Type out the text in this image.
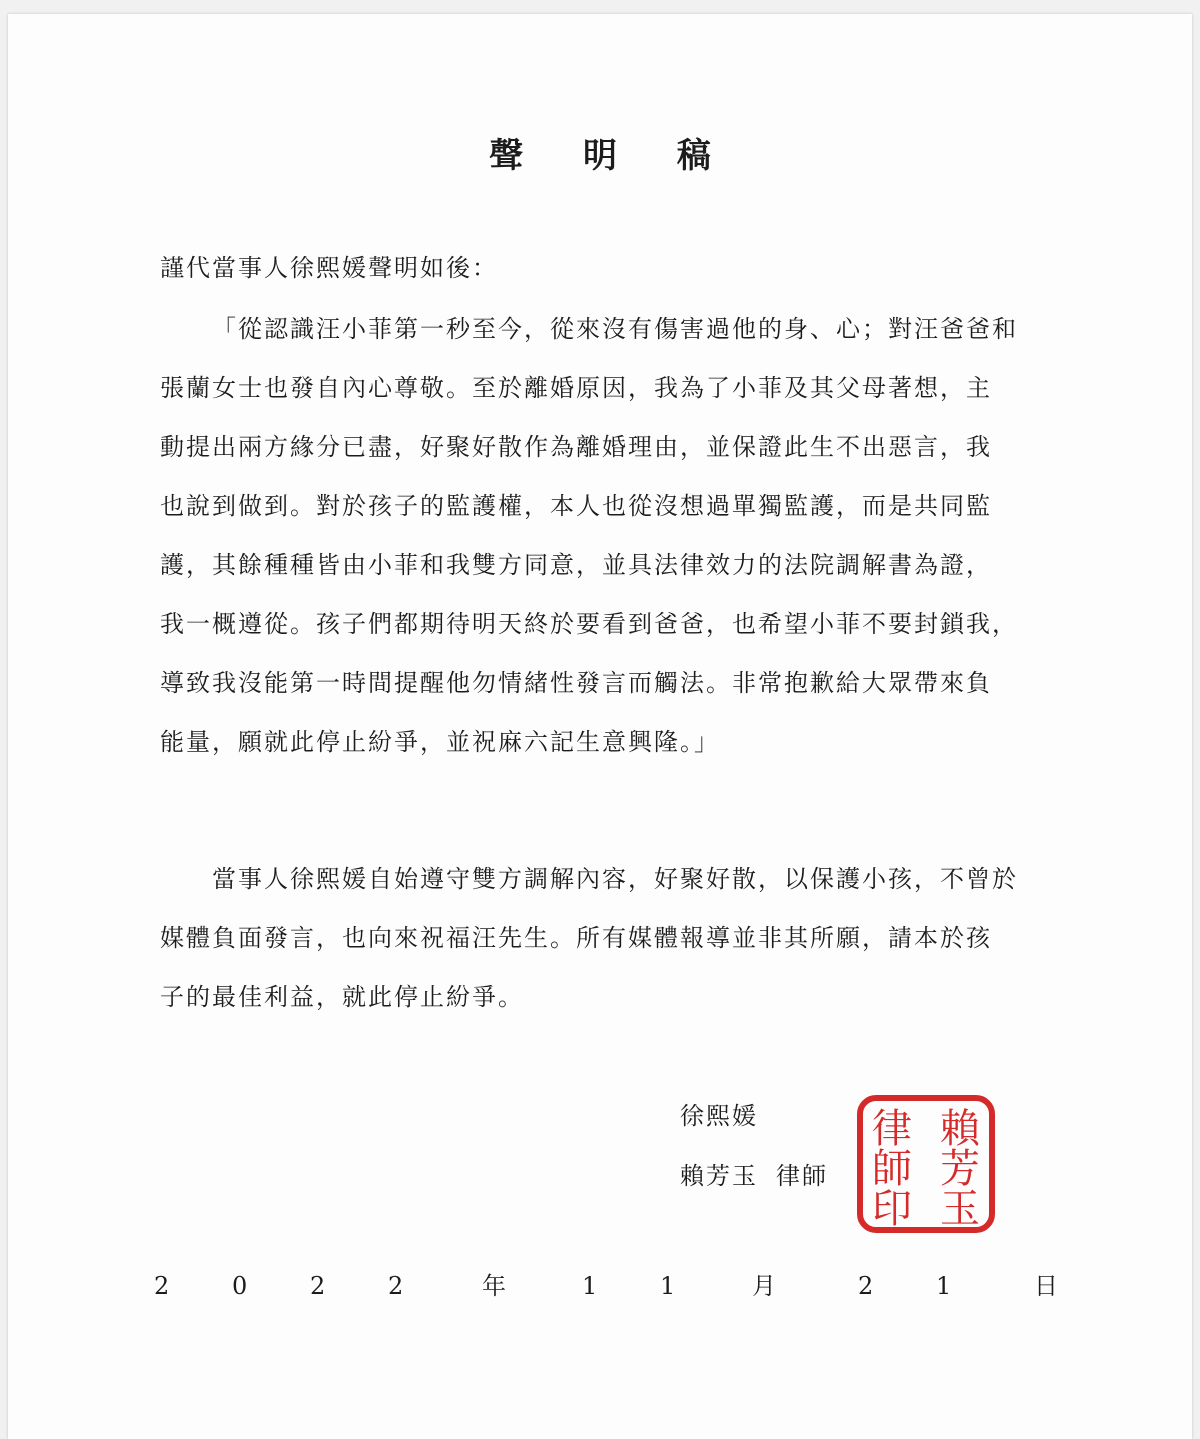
聲 明 稿
謹代當事人徐熙媛聲明如後：
「從認識汪小菲第一秒至今，從來沒有傷害過他的身、心；對汪爸爸和
張蘭女士也發自內心尊敬。至於離婚原因，我為了小菲及其父母著想，主
動提出兩方緣分已盡，好聚好散作為離婚理由，並保證此生不出惡言，我
也說到做到。對於孩子的監護權，本人也從沒想過單獨監護，而是共同監
護，其餘種種皆由小菲和我雙方同意，並具法律效力的法院調解書為證，
我一概遵從。孩子們都期待明天終於要看到爸爸，也希望小菲不要封鎖我，
導致我沒能第一時間提醒他勿情緒性發言而觸法。非常抱歉給大眾帶來負
能量，願就此停止紛爭，並祝麻六記生意興隆。」
當事人徐熙媛自始遵守雙方調解內容，好聚好散，以保護小孩，不曾於
媒體負面發言，也向來祝福汪先生。所有媒體報導並非其所願，請本於孩
子的最佳利益，就此停止紛爭。
徐熙媛
賴芳玉 律師
賴
芳
玉
律
師
印
2	0	2	2	年	1	1	月	2	1	日
